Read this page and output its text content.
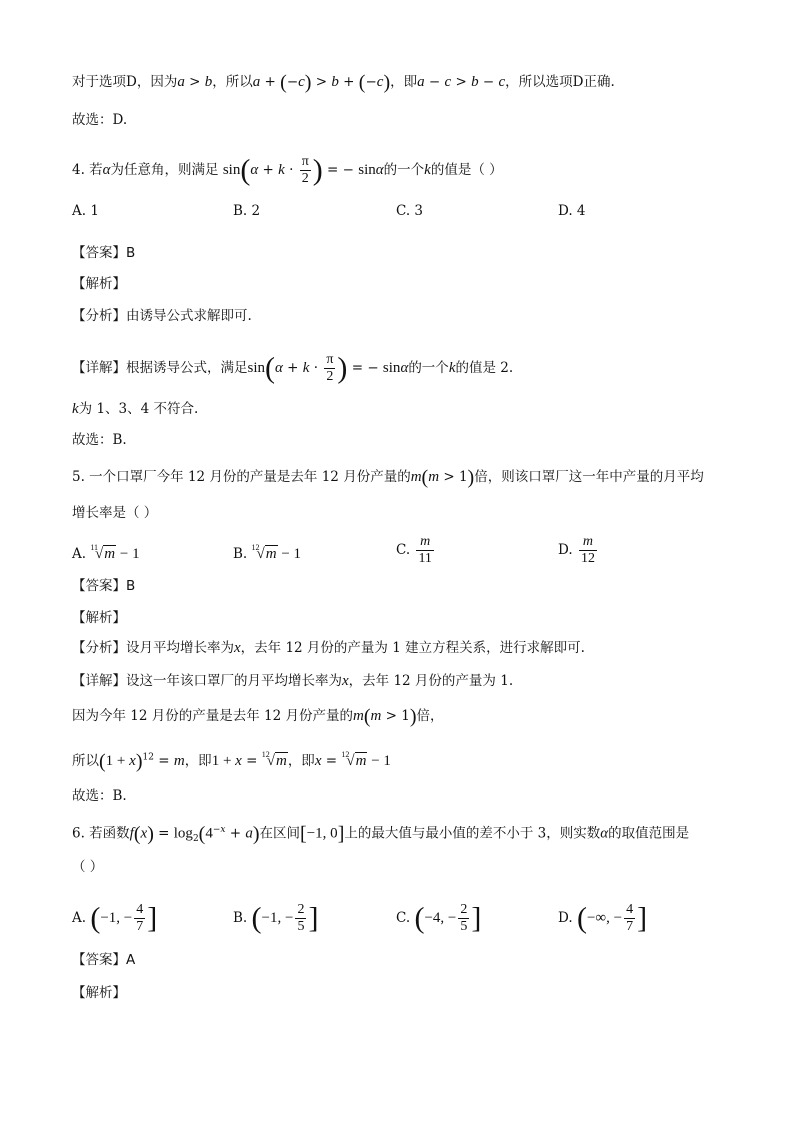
对于选项D，因为a > b，所以a + (−c) > b + (−c)，即a − c > b − c，所以选项D正确.
故选：D.
4. 若α为任意角，则满足 $\sin(\alpha + k \cdot \frac{\pi}{2}$ ) = − sinα的一个k的值是（ ）
A. 1	B. 2	C. 3	D. 4
【答案】B
【解析】
【分析】由诱导公式求解即可.
【详解】根据诱导公式，满足$\sin(\alpha + k \cdot \frac{\pi}{2}$ ) = − sinα的一个k的值是 2.
k为 1、3、4 不符合.
故选：B.
5. 一个口罩厂今年 12 月份的产量是去年 12 月份产量的m(m > 1)倍，则该口罩厂这一年中产量的月平均
增长率是（ ）
A. $^{11}$√m − 1	B. $^{12}$√m − 1	C. $\frac{m}{11}$	D. $\frac{m}{12}$
【答案】B
【解析】
【分析】设月平均增长率为x，去年 12 月份的产量为 1 建立方程关系，进行求解即可.
【详解】设这一年该口罩厂的月平均增长率为x，去年 12 月份的产量为 1.
因为今年 12 月份的产量是去年 12 月份产量的m(m > 1)倍，
所以$(1 + x)^{12} = m$，即1 + x = $^{12}$√m，即x = $^{12}$√m − 1
故选：B.
6. 若函数$f(x) = \log_2(4^{-x} + a)$在区间[−1, 0]上的最大值与最小值的差不小于 3，则实数α的取值范围是
（ ）
A. (−1, − $\frac{4}{7}$ ]	B. (−1, − $\frac{2}{5}$ ]	C. (−4, − $\frac{2}{5}$ ]	D. (−∞, − $\frac{4}{7}$ ]
【答案】A
【解析】
